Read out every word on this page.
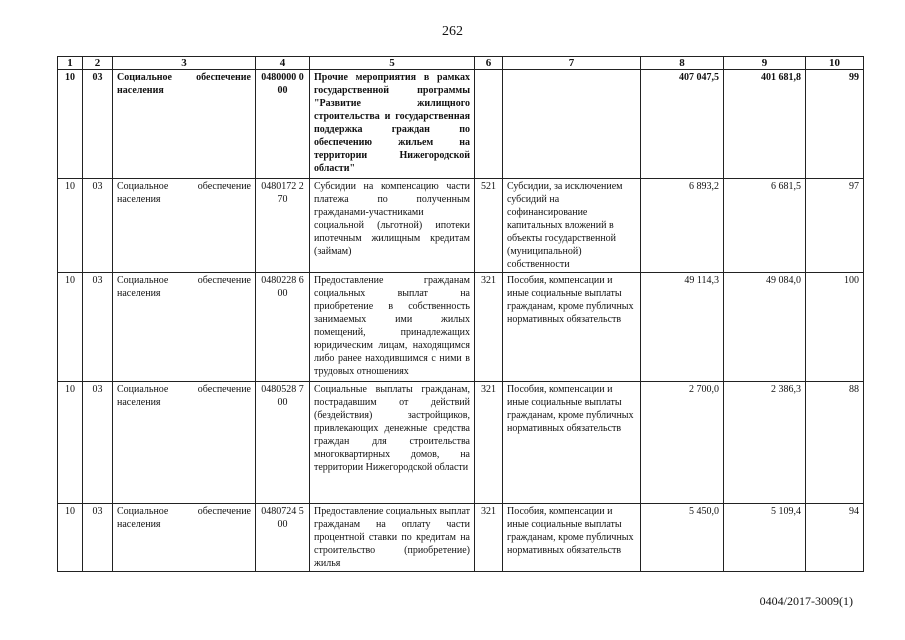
262
1	2	3	4	5	6	7	8	9	10
10	03	Социальное обеспечение населения	0480000 000	Прочие мероприятия в рамках государственной программы "Развитие жилищного строительства и государственная поддержка граждан по обеспечению жильем на территории Нижегородской области"			407 047,5	401 681,8	99
10	03	Социальное обеспечение населения	0480172 270	Субсидии на компенсацию части платежа по полученным гражданами-участниками социальной (льготной) ипотеки ипотечным жилищным кредитам (займам)	521	Субсидии, за исключением субсидий на софинансирование капитальных вложений в объекты государственной (муниципальной) собственности	6 893,2	6 681,5	97
10	03	Социальное обеспечение населения	0480228 600	Предоставление гражданам социальных выплат на приобретение в собственность занимаемых ими жилых помещений, принадлежащих юридическим лицам, находящимся либо ранее находившимся с ними в трудовых отношениях	321	Пособия, компенсации и иные социальные выплаты гражданам, кроме публичных нормативных обязательств	49 114,3	49 084,0	100
10	03	Социальное обеспечение населения	0480528 700	Социальные выплаты гражданам, пострадавшим от действий (бездействия) застройщиков, привлекающих денежные средства граждан для строительства многоквартирных домов, на территории Нижегородской области	321	Пособия, компенсации и иные социальные выплаты гражданам, кроме публичных нормативных обязательств	2 700,0	2 386,3	88
10	03	Социальное обеспечение населения	0480724 500	Предоставление социальных выплат гражданам на оплату части процентной ставки по кредитам на строительство (приобретение) жилья	321	Пособия, компенсации и иные социальные выплаты гражданам, кроме публичных нормативных обязательств	5 450,0	5 109,4	94
0404/2017-3009(1)
